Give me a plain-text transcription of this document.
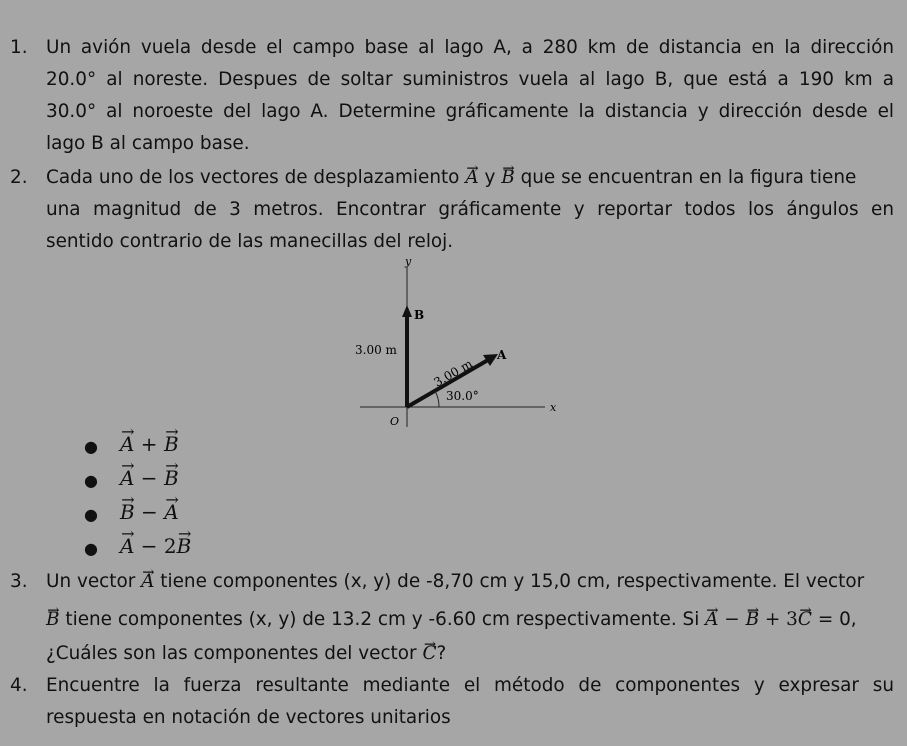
1. Un avión vuela desde el campo base al lago A, a 280 km de distancia en la dirección
20.0° al noreste. Despues de soltar suministros vuela al lago B, que está a 190 km a
30.0° al noroeste del lago A. Determine gráficamente la distancia y dirección desde el
lago B al campo base.
2. Cada uno de los vectores de desplazamiento → A y → B que se encuentran en la figura tiene
una magnitud de 3 metros. Encontrar gráficamente y reportar todos los ángulos en
sentido contrario de las manecillas del reloj.
y
x
O
B
3.00 m	A
3.00 m
30.0°
● → A + → B
● → A − → B
● → B − → A
● → A − 2→ B
3. Un vector → A tiene componentes (x, y) de -8,70 cm y 15,0 cm, respectivamente. El vector
→ B tiene componentes (x, y) de 13.2 cm y -6.60 cm respectivamente. Si → A − → B + 3→ C = 0,
¿Cuáles son las componentes del vector → C?
4. Encuentre la fuerza resultante mediante el método de componentes y expresar su
respuesta en notación de vectores unitarios
